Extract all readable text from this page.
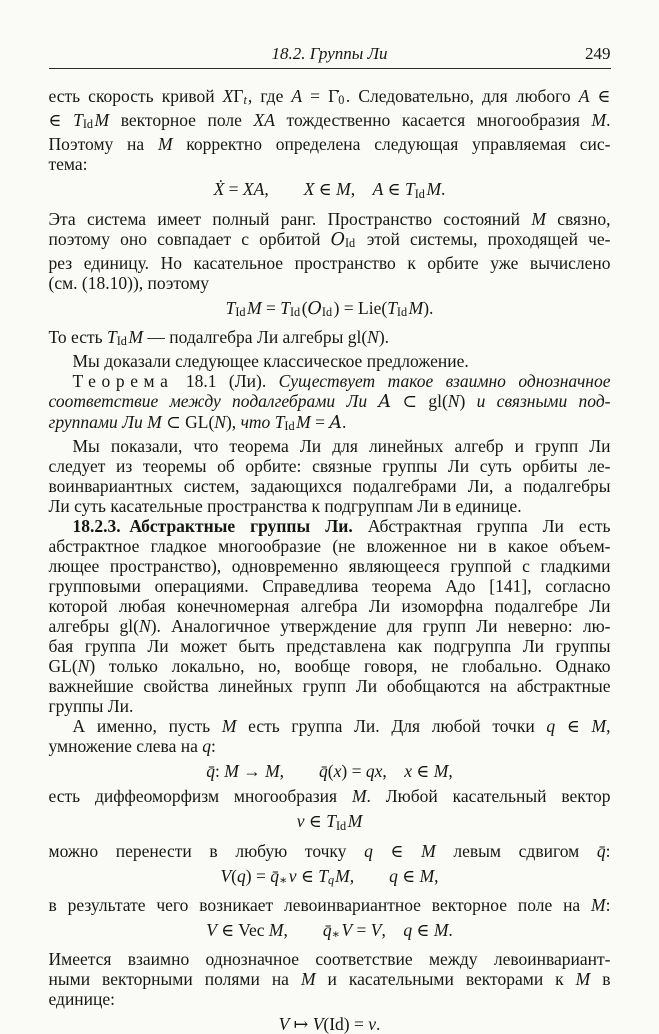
18.2. Группы Ли	249
есть скорость кривой XΓt, где A = Γ̇0. Следовательно, для любого A ∈
∈ TIdM векторное поле XA тождественно касается многообразия M.
Поэтому на M корректно определена следующая управляемая сис-
тема:
Ẋ = XA,  X ∈ M, A ∈ TIdM.
Эта система имеет полный ранг. Пространство состояний M связно,
поэтому оно совпадает с орбитой OId этой системы, проходящей че-
рез единицу. Но касательное пространство к орбите уже вычислено
(см. (18.10)), поэтому
TIdM = TId(OId) = Lie(TIdM).
То есть TIdM — подалгебра Ли алгебры gl(N).
Мы доказали следующее классическое предложение.
Теорема 18.1 (Ли). Существует такое взаимно однозначное
соответствие между подалгебрами Ли A ⊂ gl(N) и связными под-
группами Ли M ⊂ GL(N), что TIdM = A.
Мы показали, что теорема Ли для линейных алгебр и групп Ли
следует из теоремы об орбите: связные группы Ли суть орбиты ле-
воинвариантных систем, задающихся подалгебрами Ли, а подалгебры
Ли суть касательные пространства к подгруппам Ли в единице.
18.2.3. Абстрактные группы Ли. Абстрактная группа Ли есть
абстрактное гладкое многообразие (не вложенное ни в какое объем-
лющее пространство), одновременно являющееся группой с гладкими
групповыми операциями. Справедлива теорема Адо [141], согласно
которой любая конечномерная алгебра Ли изоморфна подалгебре Ли
алгебры gl(N). Аналогичное утверждение для групп Ли неверно: лю-
бая группа Ли может быть представлена как подгруппа Ли группы
GL(N) только локально, но, вообще говоря, не глобально. Однако
важнейшие свойства линейных групп Ли обобщаются на абстрактные
группы Ли.
А именно, пусть M есть группа Ли. Для любой точки q ∈ M,
умножение слева на q:
q̄: M → M,  q̄(x) = qx, x ∈ M,
есть диффеоморфизм многообразия M. Любой касательный вектор
v ∈ TIdM
можно перенести в любую точку q ∈ M левым сдвигом q̄:
V(q) = q̄∗v ∈ TqM,  q ∈ M,
в результате чего возникает левоинвариантное векторное поле на M:
V ∈ Vec M,  q̄∗V = V, q ∈ M.
Имеется взаимно однозначное соответствие между левоинвариант-
ными векторными полями на M и касательными векторами к M в
единице:
V ↦ V(Id) = v.
